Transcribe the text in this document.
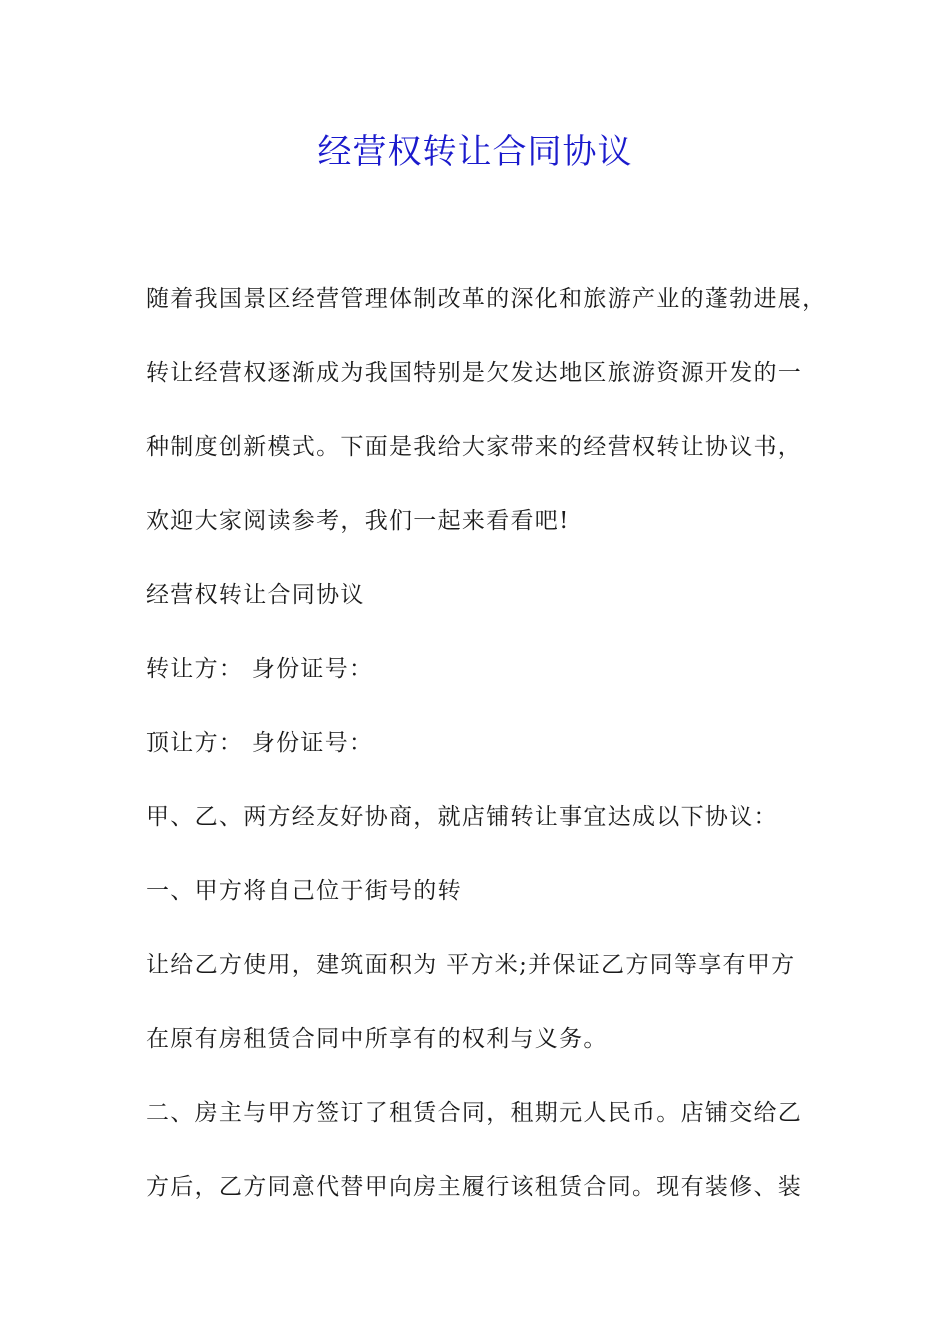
经营权转让合同协议

随着我国景区经营管理体制改革的深化和旅游产业的蓬勃进展，

转让经营权逐渐成为我国特别是欠发达地区旅游资源开发的一

种制度创新模式。下面是我给大家带来的经营权转让协议书，

欢迎大家阅读参考，我们一起来看看吧!

经营权转让合同协议

转让方： 身份证号：

顶让方： 身份证号：

甲、乙、两方经友好协商，就店铺转让事宜达成以下协议：

一、甲方将自己位于街号的转

让给乙方使用，建筑面积为 平方米;并保证乙方同等享有甲方

在原有房租赁合同中所享有的权利与义务。

二、房主与甲方签订了租赁合同，租期元人民币。店铺交给乙

方后，乙方同意代替甲向房主履行该租赁合同。现有装修、装
